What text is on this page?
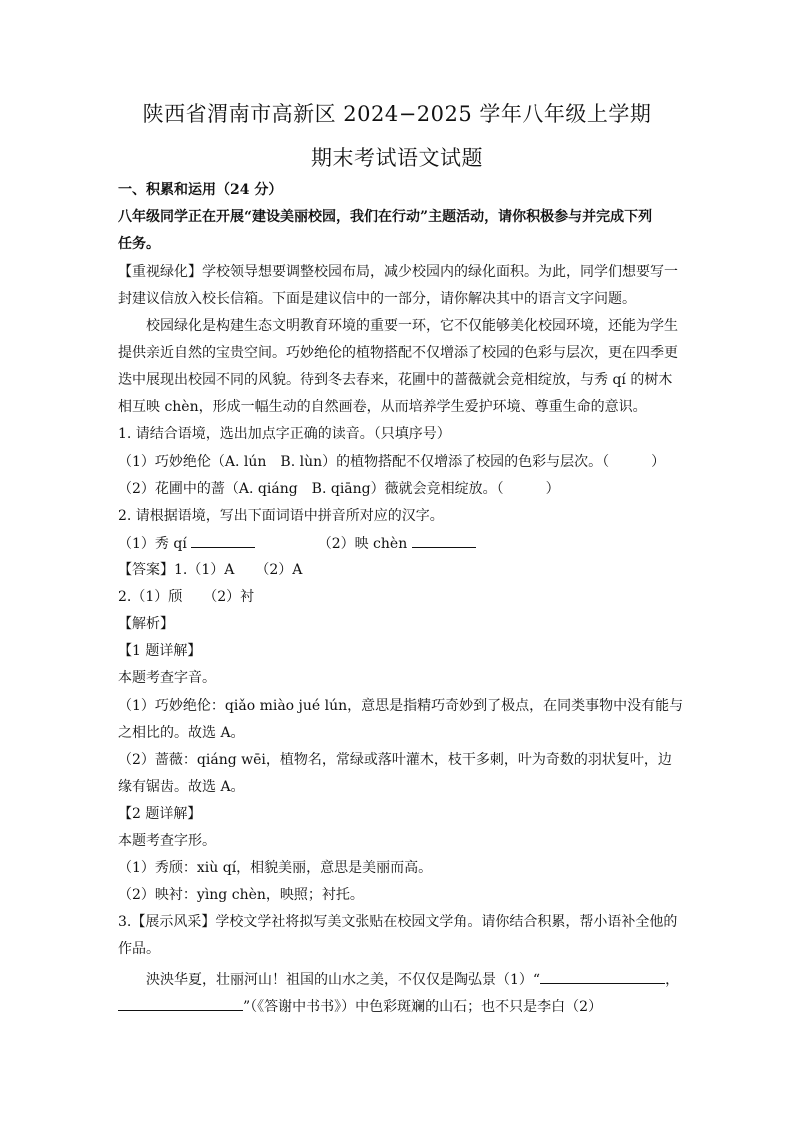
陕西省渭南市高新区 2024−2025 学年八年级上学期
期末考试语文试题
一、积累和运用（24 分）
八年级同学正在开展“建设美丽校园，我们在行动”主题活动，请你积极参与并完成下列
任务。
【重视绿化】学校领导想要调整校园布局，减少校园内的绿化面积。为此，同学们想要写一
封建议信放入校长信箱。下面是建议信中的一部分，请你解决其中的语言文字问题。
校园绿化是构建生态文明教育环境的重要一环，它不仅能够美化校园环境，还能为学生
提供亲近自然的宝贵空间。巧妙绝伦的植物搭配不仅增添了校园的色彩与层次，更在四季更
迭中展现出校园不同的风貌。待到冬去春来，花圃中的蔷薇就会竞相绽放，与秀 qí 的树木
相互映 chèn，形成一幅生动的自然画卷，从而培养学生爱护环境、尊重生命的意识。
1. 请结合语境，选出加点字正确的读音。（只填序号）
（1）巧妙绝伦（A. lún　B. lùn）的植物搭配不仅增添了校园的色彩与层次。（　　　）
（2）花圃中的蔷（A. qiáng　B. qiāng）薇就会竞相绽放。（　　　）
2. 请根据语境，写出下面词语中拼音所对应的汉字。
（1）秀 qí	（2）映 chèn
【答案】1.（1）A　　（2）A
2.（1）颀　　（2）衬
【解析】
【1 题详解】
本题考查字音。
（1）巧妙绝伦：qiǎo miào jué lún，意思是指精巧奇妙到了极点，在同类事物中没有能与
之相比的。故选 A。
（2）蔷薇：qiáng wēi，植物名，常绿或落叶灌木，枝干多刺，叶为奇数的羽状复叶，边
缘有锯齿。故选 A。
【2 题详解】
本题考查字形。
（1）秀颀：xiù qí，相貌美丽，意思是美丽而高。
（2）映衬：yìng chèn，映照；衬托。
3.【展示风采】学校文学社将拟写美文张贴在校园文学角。请你结合积累，帮小语补全他的
作品。
泱泱华夏，壮丽河山！祖国的山水之美，不仅仅是陶弘景（1）“	，
”（《答谢中书书》）中色彩斑斓的山石；也不只是李白（2）
